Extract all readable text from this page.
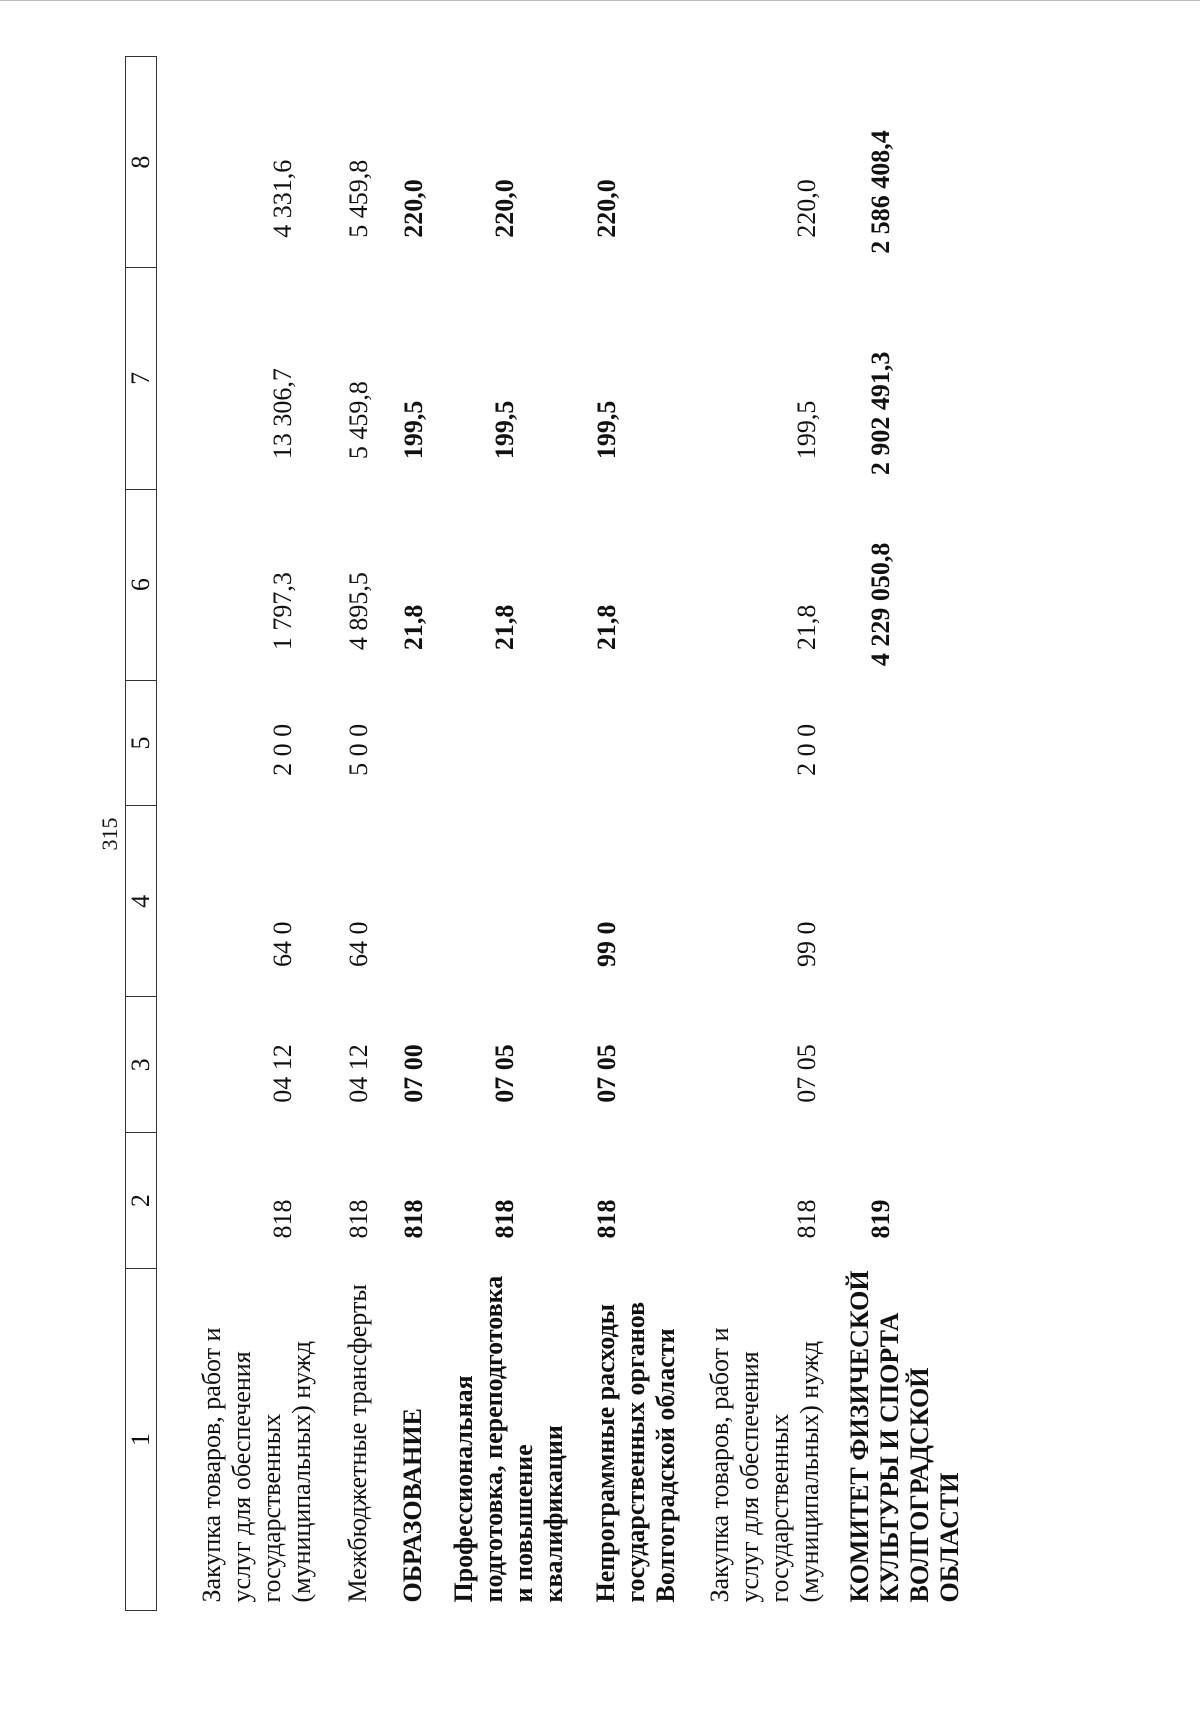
315
1	2	3	4	5	6	7	8
Закупка товаров, работ и услуг для обеспечения государственных (муниципальных) нужд	818	04 12	64 0	2 0 0	1 797,3	13 306,7	4 331,6
Межбюджетные трансферты	818	04 12	64 0	5 0 0	4 895,5	5 459,8	5 459,8
ОБРАЗОВАНИЕ	818	07 00			21,8	199,5	220,0
Профессиональная подготовка, переподготовка и повышение квалификации	818	07 05			21,8	199,5	220,0
Непрограммные расходы государственных органов Волгоградской области	818	07 05	99 0		21,8	199,5	220,0
Закупка товаров, работ и услуг для обеспечения государственных (муниципальных) нужд	818	07 05	99 0	2 0 0	21,8	199,5	220,0
КОМИТЕТ ФИЗИЧЕСКОЙ КУЛЬТУРЫ И СПОРТА ВОЛГОГРАДСКОЙ ОБЛАСТИ	819				4 229 050,8	2 902 491,3	2 586 408,4
